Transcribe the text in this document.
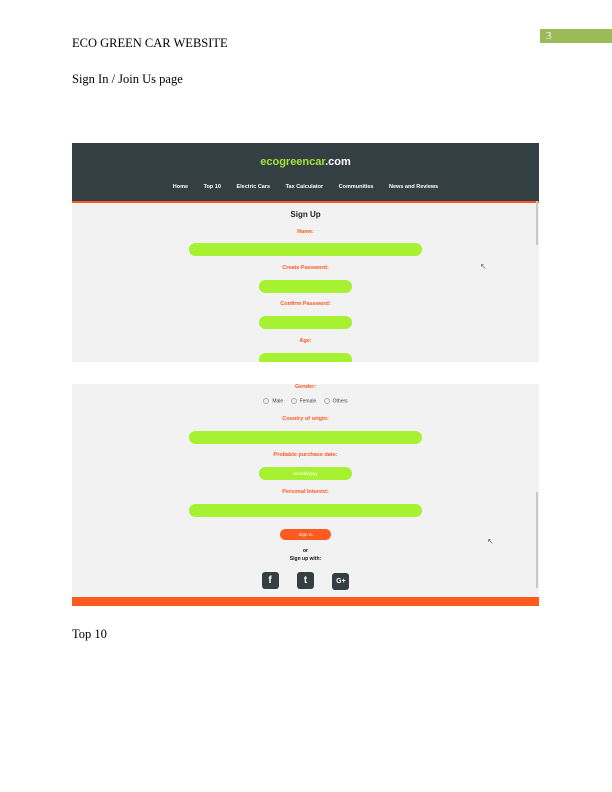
3
ECO GREEN CAR WEBSITE
Sign In / Join Us page
ecogreencar.com
Home	Top 10	Electric Cars	Tax Calculator	Communities	News and Reviews
Sign Up
Name:
Create Password:
Confirm Password:
Age:
↖
Gender:
Male	Female	Others
Country of origin:
Probable purchase date:
mm/dd/yyyy
Personal Interest:
Sign In
or
Sign up with:
f	t	G+
↖
Top 10
